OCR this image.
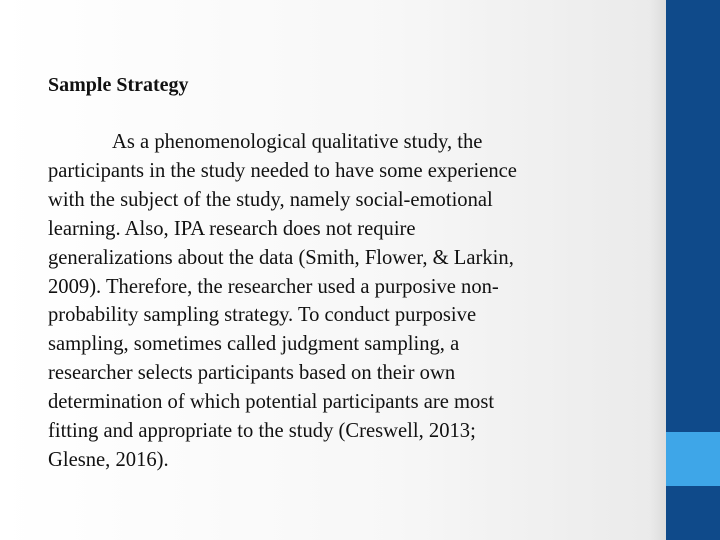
Sample Strategy

As a phenomenological qualitative study, the
participants in the study needed to have some experience
with the subject of the study, namely social-emotional
learning. Also, IPA research does not require
generalizations about the data (Smith, Flower, & Larkin,
2009). Therefore, the researcher used a purposive non-
probability sampling strategy. To conduct purposive
sampling, sometimes called judgment sampling, a
researcher selects participants based on their own
determination of which potential participants are most
fitting and appropriate to the study (Creswell, 2013;
Glesne, 2016).
